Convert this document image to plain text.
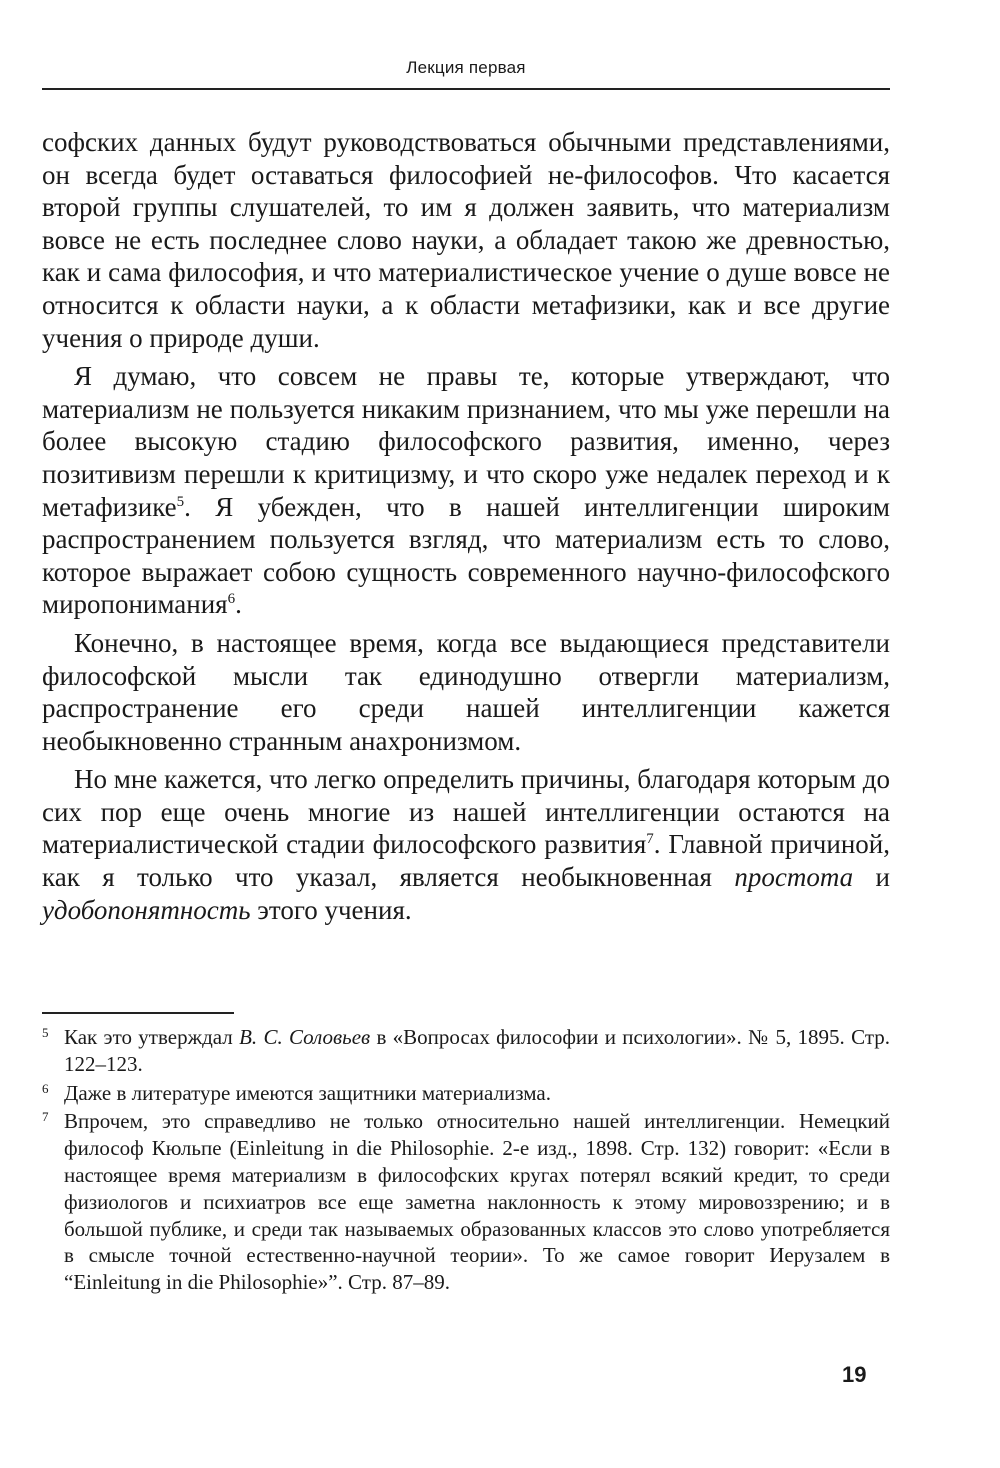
Лекция первая

софских данных будут руководствоваться обычными представлениями, он всегда будет оставаться философией не-философов. Что касается второй группы слушателей, то им я должен заявить, что материализм вовсе не есть последнее слово науки, а обладает такою же древностью, как и сама философия, и что материалистическое учение о душе вовсе не относится к области науки, а к области метафизики, как и все другие учения о природе души.

Я думаю, что совсем не правы те, которые утверждают, что материализм не пользуется никаким признанием, что мы уже перешли на более высокую стадию философского развития, именно, через позитивизм перешли к критицизму, и что скоро уже недалек переход и к метафизике$^5$. Я убежден, что в нашей интеллигенции широким распространением пользуется взгляд, что материализм есть то слово, которое выражает собою сущность современного научно-философского миропонимания$^6$.

Конечно, в настоящее время, когда все выдающиеся представители философской мысли так единодушно отвергли материализм, распространение его среди нашей интеллигенции кажется необыкновенно странным анахронизмом.

Но мне кажется, что легко определить причины, благодаря которым до сих пор еще очень многие из нашей интеллигенции остаются на материалистической стадии философского развития$^7$. Главной причиной, как я только что указал, является необыкновенная простота и удобопонятность этого учения.

5 Как это утверждал В. С. Соловьев в «Вопросах философии и психологии». № 5, 1895. Стр. 122–123.

6 Даже в литературе имеются защитники материализма.

7 Впрочем, это справедливо не только относительно нашей интеллигенции. Немецкий философ Кюльпе (Einleitung in die Philosophie. 2-е изд., 1898. Стр. 132) говорит: «Если в настоящее время материализм в философских кругах потерял всякий кредит, то среди физиологов и психиатров все еще заметна наклонность к этому мировоззрению; и в большой публике, и среди так называемых образованных классов это слово употребляется в смысле точной естественно-научной теории». То же самое говорит Иерузалем в “Einleitung in die Philosophie»”. Стр. 87–89.

19
